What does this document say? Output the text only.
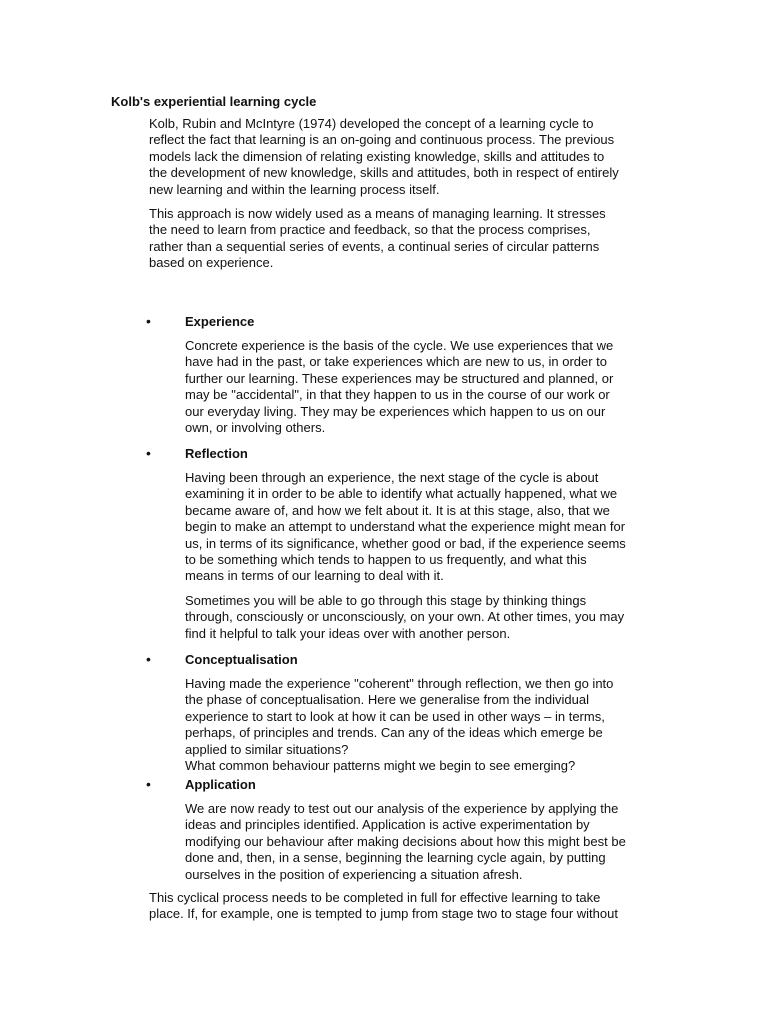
Kolb's experiential learning cycle

Kolb, Rubin and McIntyre (1974) developed the concept of a learning cycle to
reflect the fact that learning is an on-going and continuous process. The previous
models lack the dimension of relating existing knowledge, skills and attitudes to
the development of new knowledge, skills and attitudes, both in respect of entirely
new learning and within the learning process itself.

This approach is now widely used as a means of managing learning. It stresses
the need to learn from practice and feedback, so that the process comprises,
rather than a sequential series of events, a continual series of circular patterns
based on experience.

•	Experience

Concrete experience is the basis of the cycle. We use experiences that we
have had in the past, or take experiences which are new to us, in order to
further our learning. These experiences may be structured and planned, or
may be "accidental", in that they happen to us in the course of our work or
our everyday living. They may be experiences which happen to us on our
own, or involving others.

•	Reflection

Having been through an experience, the next stage of the cycle is about
examining it in order to be able to identify what actually happened, what we
became aware of, and how we felt about it. It is at this stage, also, that we
begin to make an attempt to understand what the experience might mean for
us, in terms of its significance, whether good or bad, if the experience seems
to be something which tends to happen to us frequently, and what this
means in terms of our learning to deal with it.

Sometimes you will be able to go through this stage by thinking things
through, consciously or unconsciously, on your own. At other times, you may
find it helpful to talk your ideas over with another person.

•	Conceptualisation

Having made the experience "coherent" through reflection, we then go into
the phase of conceptualisation. Here we generalise from the individual
experience to start to look at how it can be used in other ways – in terms,
perhaps, of principles and trends. Can any of the ideas which emerge be
applied to similar situations?
What common behaviour patterns might we begin to see emerging?

•	Application

We are now ready to test out our analysis of the experience by applying the
ideas and principles identified. Application is active experimentation by
modifying our behaviour after making decisions about how this might best be
done and, then, in a sense, beginning the learning cycle again, by putting
ourselves in the position of experiencing a situation afresh.

This cyclical process needs to be completed in full for effective learning to take
place. If, for example, one is tempted to jump from stage two to stage four without
